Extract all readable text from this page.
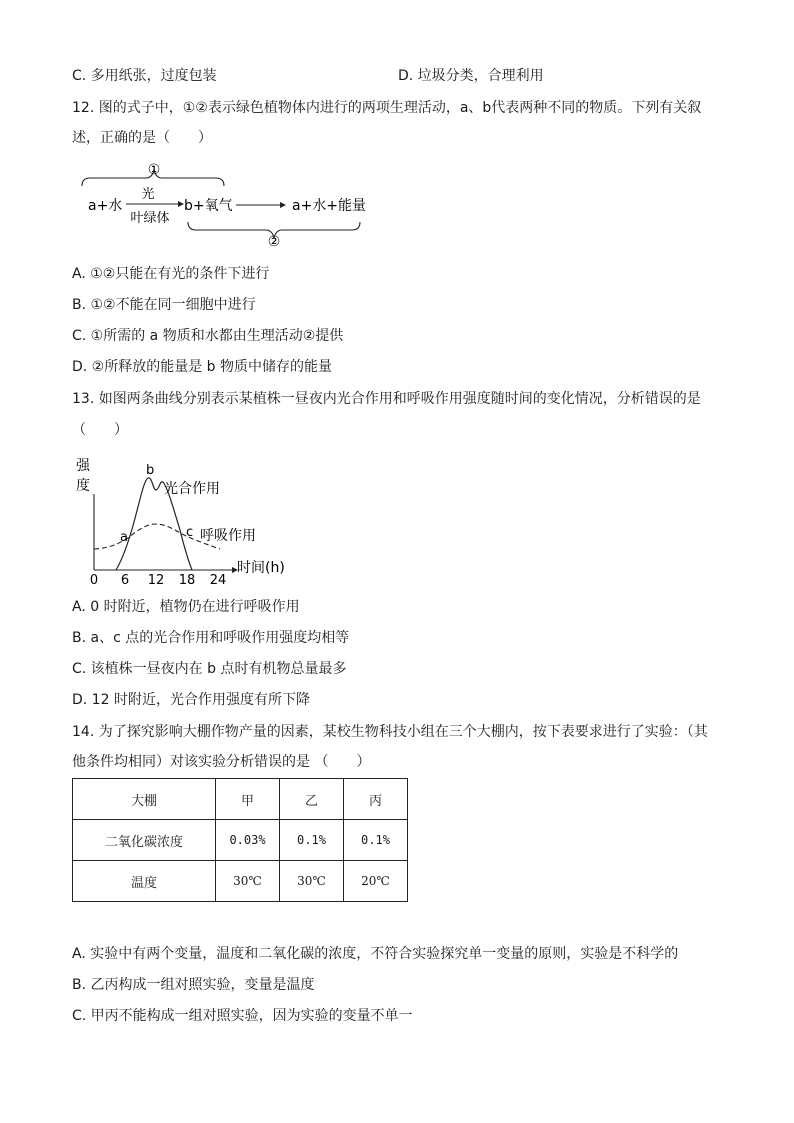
C. 多用纸张，过度包装	D. 垃圾分类，合理利用
12. 图的式子中，①②表示绿色植物体内进行的两项生理活动，a、b代表两种不同的物质。下列有关叙
述，正确的是（　　）
①
a+水
光
叶绿体
b+氧气	a+水+能量
②
A. ①②只能在有光的条件下进行
B. ①②不能在同一细胞中进行
C. ①所需的 a 物质和水都由生理活动②提供
D. ②所释放的能量是 b 物质中储存的能量
13. 如图两条曲线分别表示某植株一昼夜内光合作用和呼吸作用强度随时间的变化情况，分析错误的是
（　　）
强
度
0 6 12 18 24
时间(h)
a
b
c
光合作用
呼吸作用
A. 0 时附近，植物仍在进行呼吸作用
B. a、c 点的光合作用和呼吸作用强度均相等
C. 该植株一昼夜内在 b 点时有机物总量最多
D. 12 时附近，光合作用强度有所下降
14. 为了探究影响大棚作物产量的因素，某校生物科技小组在三个大棚内，按下表要求进行了实验：（其
他条件均相同）对该实验分析错误的是 （　　）
大棚	甲	乙	丙
二氧化碳浓度	0.03%	0.1%	0.1%
温度	30℃	30℃	20℃
A. 实验中有两个变量，温度和二氧化碳的浓度，不符合实验探究单一变量的原则，实验是不科学的
B. 乙丙构成一组对照实验，变量是温度
C. 甲丙不能构成一组对照实验，因为实验的变量不单一
